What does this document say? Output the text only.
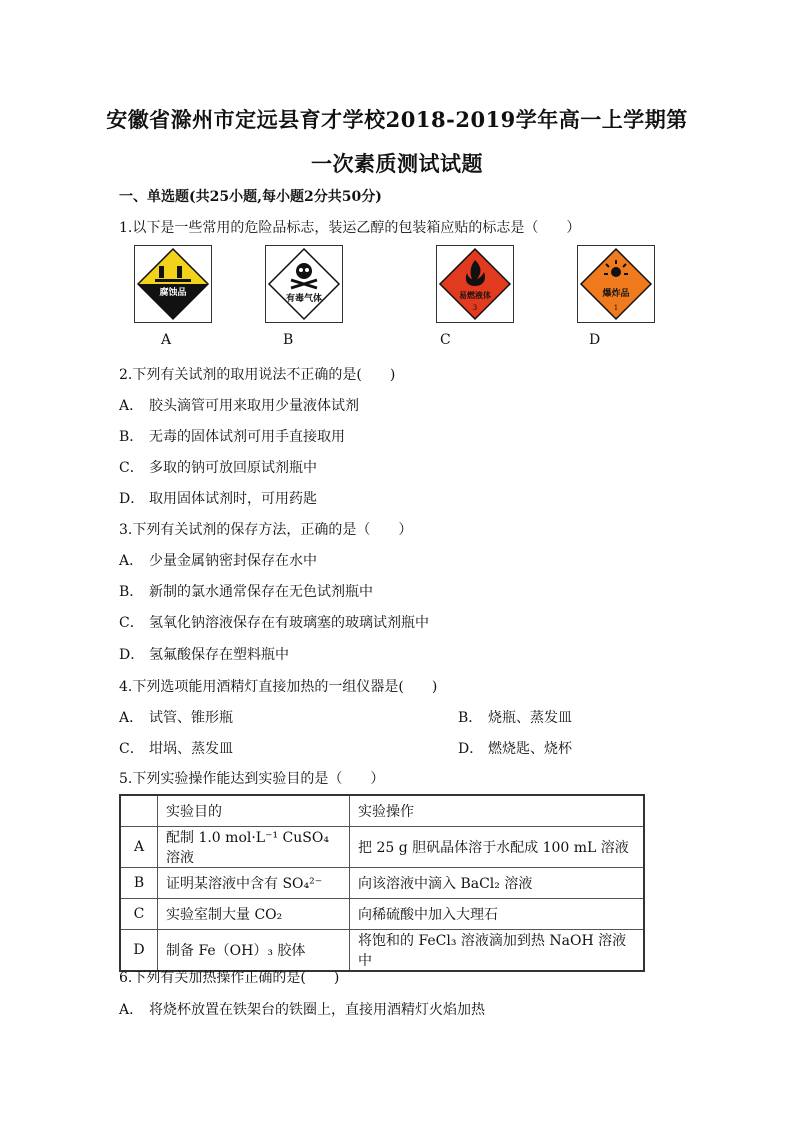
安徽省滁州市定远县育才学校2018-2019学年高一上学期第
一次素质测试试题
一、单选题(共25小题,每小题2分共50分)
1.以下是一些常用的危险品标志，装运乙醇的包装箱应贴的标志是（　　）
腐蚀品
A
有毒气体
B
易燃液体
3
C
爆炸品
1
D
2.下列有关试剂的取用说法不正确的是(　　)
A． 胶头滴管可用来取用少量液体试剂
B． 无毒的固体试剂可用手直接取用
C． 多取的钠可放回原试剂瓶中
D． 取用固体试剂时，可用药匙
3.下列有关试剂的保存方法，正确的是（　　）
A． 少量金属钠密封保存在水中
B． 新制的氯水通常保存在无色试剂瓶中
C． 氢氧化钠溶液保存在有玻璃塞的玻璃试剂瓶中
D． 氢氟酸保存在塑料瓶中
4.下列选项能用酒精灯直接加热的一组仪器是(　　)
A． 试管、锥形瓶	B． 烧瓶、蒸发皿
C． 坩埚、蒸发皿	D． 燃烧匙、烧杯
5.下列实验操作能达到实验目的是（　　）
	实验目的	实验操作
A	配制 1.0 mol·L⁻¹ CuSO₄ 溶液	把 25 g 胆矾晶体溶于水配成 100 mL 溶液
B	证明某溶液中含有 SO₄²⁻	向该溶液中滴入 BaCl₂ 溶液
C	实验室制大量 CO₂	向稀硫酸中加入大理石
D	制备 Fe（OH）₃ 胶体	将饱和的 FeCl₃ 溶液滴加到热 NaOH 溶液中
6.下列有关加热操作正确的是(　　)
A． 将烧杯放置在铁架台的铁圈上，直接用酒精灯火焰加热
